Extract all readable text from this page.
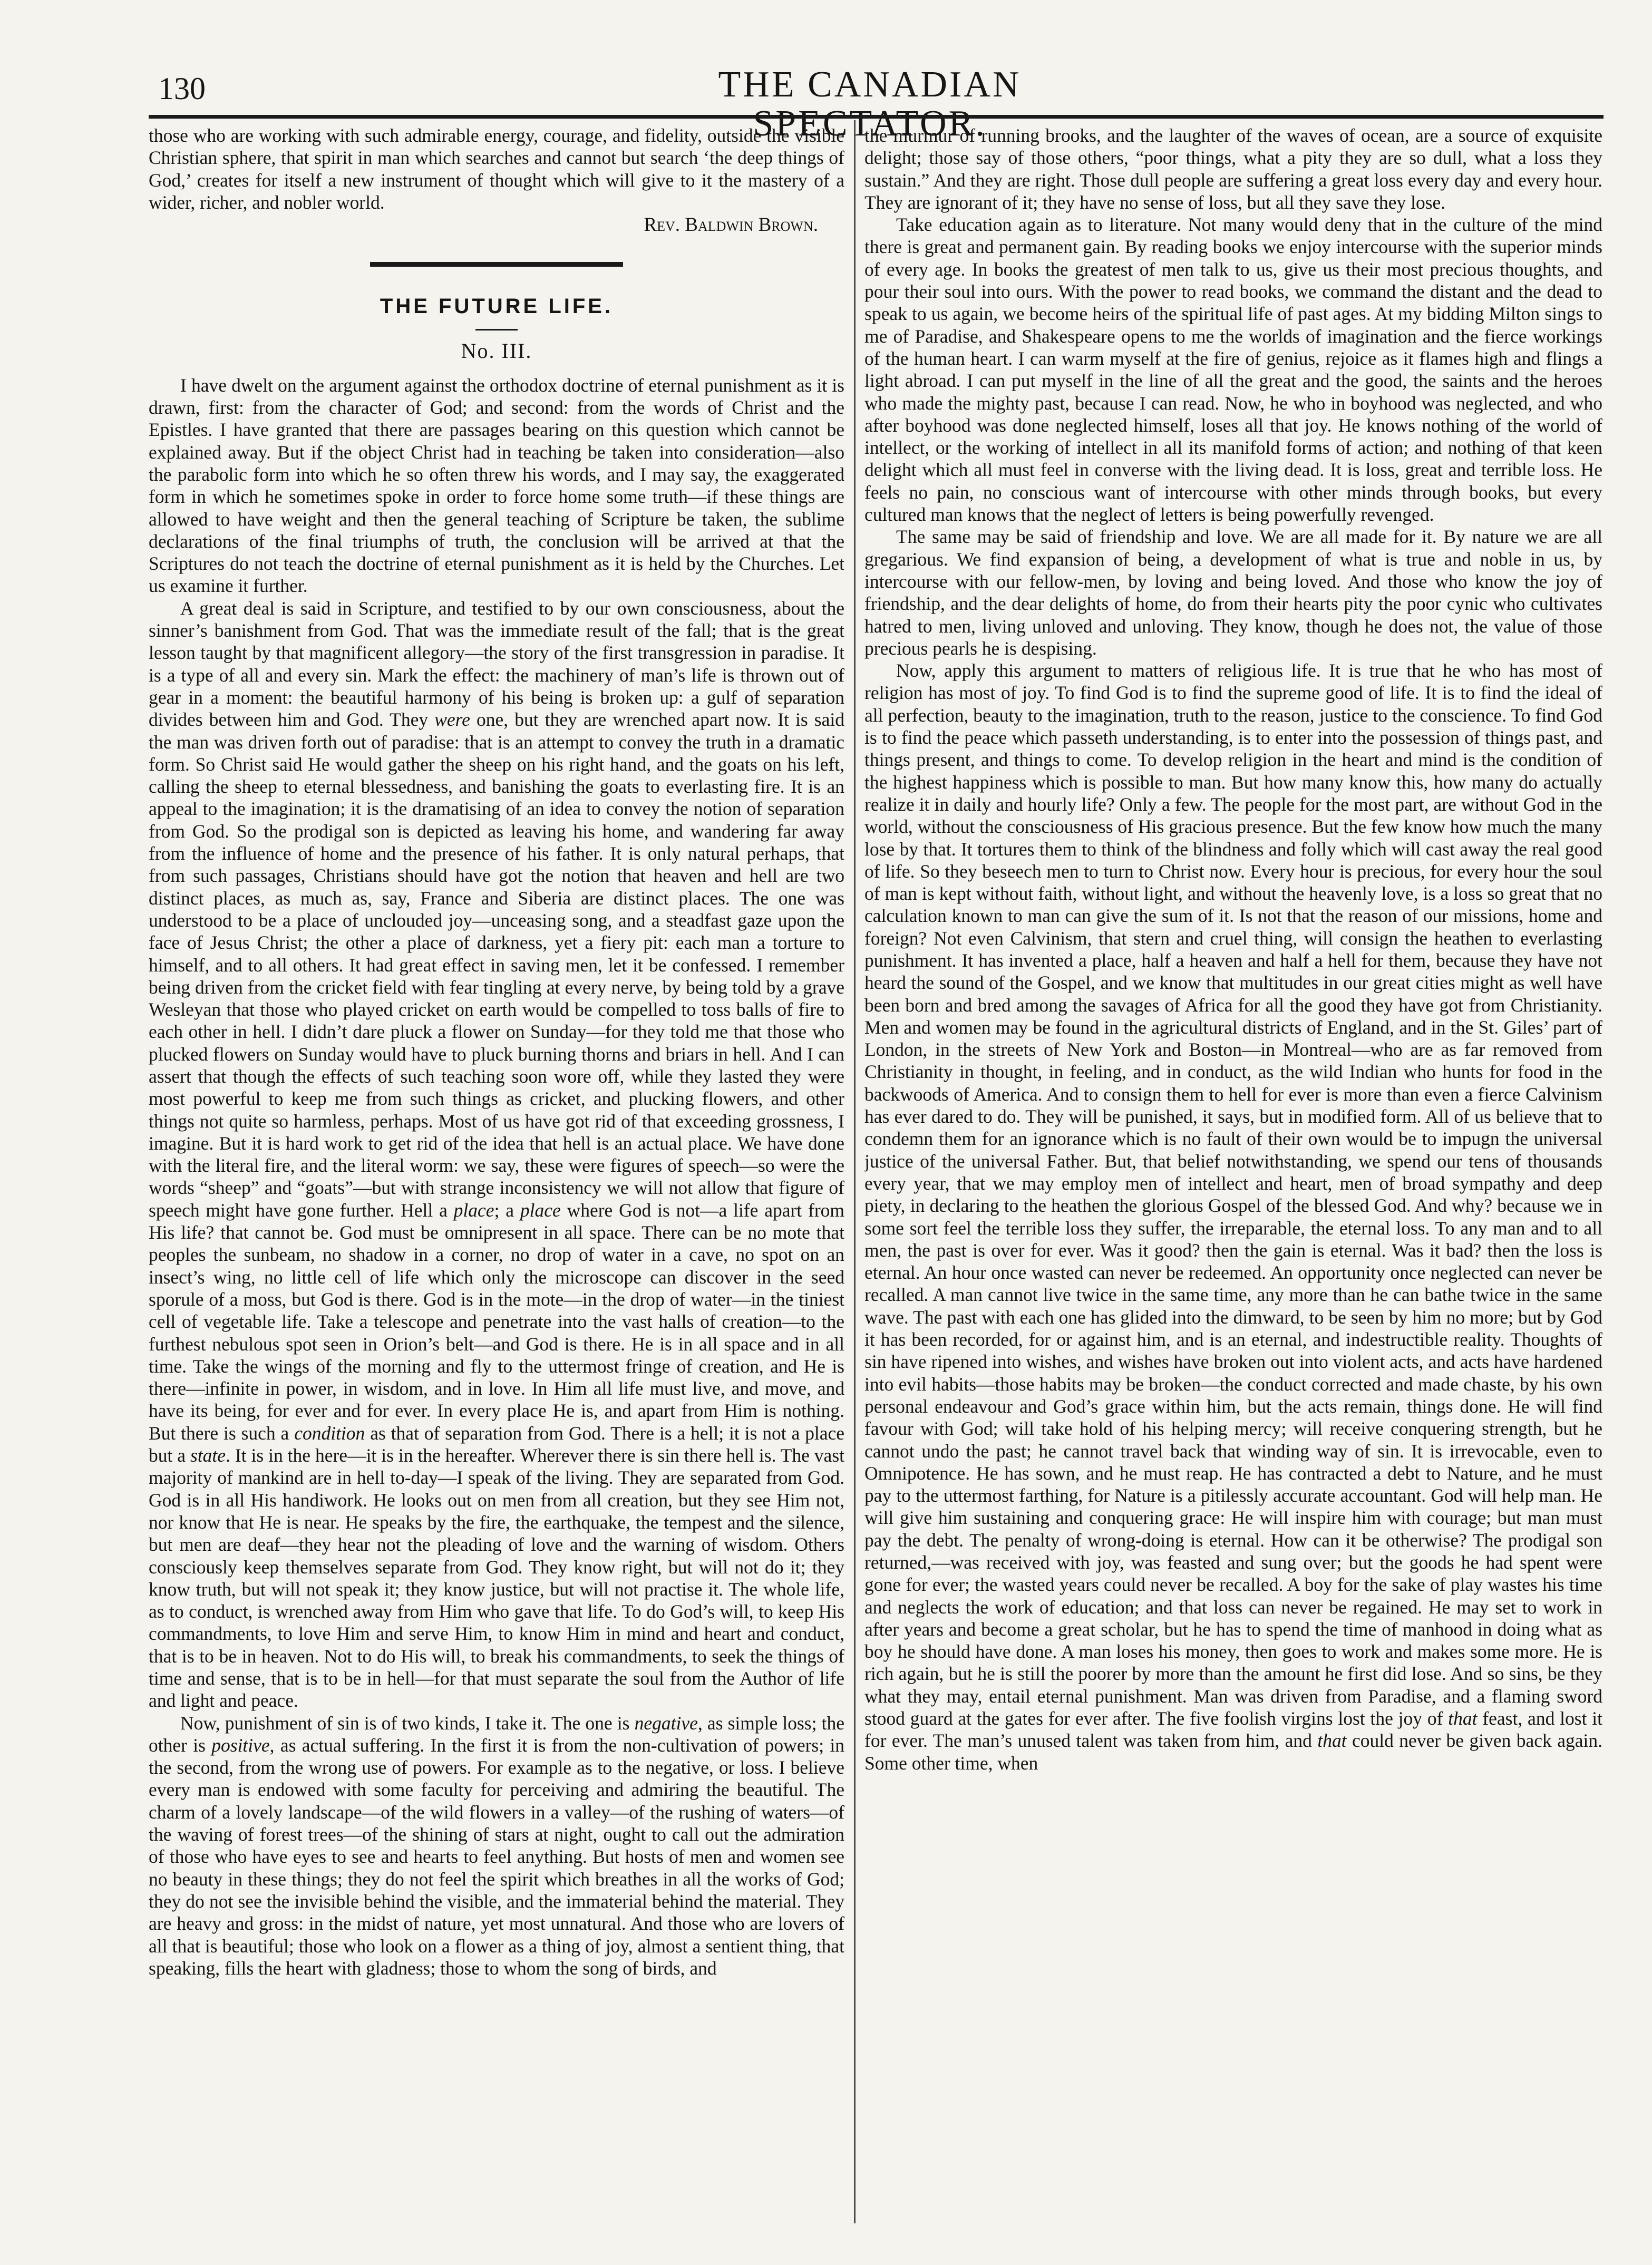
130	THE CANADIAN SPECTATOR.

those who are working with such admirable energy, courage, and fidelity, outside the visible Christian sphere, that spirit in man which searches and cannot but search ‘the deep things of God,’ creates for itself a new instrument of thought which will give to it the mastery of a wider, richer, and nobler world.

Rev. Baldwin Brown.

THE FUTURE LIFE.
No. III.

I have dwelt on the argument against the orthodox doctrine of eternal punishment as it is drawn, first: from the character of God; and second: from the words of Christ and the Epistles. I have granted that there are passages bearing on this question which cannot be explained away. But if the object Christ had in teaching be taken into consideration—also the parabolic form into which he so often threw his words, and I may say, the exaggerated form in which he sometimes spoke in order to force home some truth—if these things are allowed to have weight and then the general teaching of Scripture be taken, the sublime declarations of the final triumphs of truth, the conclusion will be arrived at that the Scriptures do not teach the doctrine of eternal punishment as it is held by the Churches. Let us examine it further.

A great deal is said in Scripture, and testified to by our own consciousness, about the sinner’s banishment from God. That was the immediate result of the fall; that is the great lesson taught by that magnificent allegory—the story of the first transgression in paradise. It is a type of all and every sin. Mark the effect: the machinery of man’s life is thrown out of gear in a moment: the beautiful harmony of his being is broken up: a gulf of separation divides between him and God. They were one, but they are wrenched apart now. It is said the man was driven forth out of paradise: that is an attempt to convey the truth in a dramatic form. So Christ said He would gather the sheep on his right hand, and the goats on his left, calling the sheep to eternal blessedness, and banishing the goats to everlasting fire. It is an appeal to the imagination; it is the dramatising of an idea to convey the notion of separation from God. So the prodigal son is depicted as leaving his home, and wandering far away from the influence of home and the presence of his father. It is only natural perhaps, that from such passages, Christians should have got the notion that heaven and hell are two distinct places, as much as, say, France and Siberia are distinct places. The one was understood to be a place of unclouded joy—unceasing song, and a steadfast gaze upon the face of Jesus Christ; the other a place of darkness, yet a fiery pit: each man a torture to himself, and to all others. It had great effect in saving men, let it be confessed. I remember being driven from the cricket field with fear tingling at every nerve, by being told by a grave Wesleyan that those who played cricket on earth would be compelled to toss balls of fire to each other in hell. I didn’t dare pluck a flower on Sunday—for they told me that those who plucked flowers on Sunday would have to pluck burning thorns and briars in hell. And I can assert that though the effects of such teaching soon wore off, while they lasted they were most powerful to keep me from such things as cricket, and plucking flowers, and other things not quite so harmless, perhaps. Most of us have got rid of that exceeding grossness, I imagine. But it is hard work to get rid of the idea that hell is an actual place. We have done with the literal fire, and the literal worm: we say, these were figures of speech—so were the words “sheep” and “goats”—but with strange inconsistency we will not allow that figure of speech might have gone further. Hell a place; a place where God is not—a life apart from His life? that cannot be. God must be omnipresent in all space. There can be no mote that peoples the sunbeam, no shadow in a corner, no drop of water in a cave, no spot on an insect’s wing, no little cell of life which only the microscope can discover in the seed sporule of a moss, but God is there. God is in the mote—in the drop of water—in the tiniest cell of vegetable life. Take a telescope and penetrate into the vast halls of creation—to the furthest nebulous spot seen in Orion’s belt—and God is there. He is in all space and in all time. Take the wings of the morning and fly to the uttermost fringe of creation, and He is there—infinite in power, in wisdom, and in love. In Him all life must live, and move, and have its being, for ever and for ever. In every place He is, and apart from Him is nothing. But there is such a condition as that of separation from God. There is a hell; it is not a place but a state. It is in the here—it is in the hereafter. Wherever there is sin there hell is. The vast majority of mankind are in hell to-day—I speak of the living. They are separated from God. God is in all His handiwork. He looks out on men from all creation, but they see Him not, nor know that He is near. He speaks by the fire, the earthquake, the tempest and the silence, but men are deaf—they hear not the pleading of love and the warning of wisdom. Others consciously keep themselves separate from God. They know right, but will not do it; they know truth, but will not speak it; they know justice, but will not practise it. The whole life, as to conduct, is wrenched away from Him who gave that life. To do God’s will, to keep His commandments, to love Him and serve Him, to know Him in mind and heart and conduct, that is to be in heaven. Not to do His will, to break his commandments, to seek the things of time and sense, that is to be in hell—for that must separate the soul from the Author of life and light and peace.

Now, punishment of sin is of two kinds, I take it. The one is negative, as simple loss; the other is positive, as actual suffering. In the first it is from the non-cultivation of powers; in the second, from the wrong use of powers. For example as to the negative, or loss. I believe every man is endowed with some faculty for perceiving and admiring the beautiful. The charm of a lovely landscape—of the wild flowers in a valley—of the rushing of waters—of the waving of forest trees—of the shining of stars at night, ought to call out the admiration of those who have eyes to see and hearts to feel anything. But hosts of men and women see no beauty in these things; they do not feel the spirit which breathes in all the works of God; they do not see the invisible behind the visible, and the immaterial behind the material. They are heavy and gross: in the midst of nature, yet most unnatural. And those who are lovers of all that is beautiful; those who look on a flower as a thing of joy, almost a sentient thing, that speaking, fills the heart with gladness; those to whom the song of birds, and

the murmur of running brooks, and the laughter of the waves of ocean, are a source of exquisite delight; those say of those others, “poor things, what a pity they are so dull, what a loss they sustain.” And they are right. Those dull people are suffering a great loss every day and every hour. They are ignorant of it; they have no sense of loss, but all they save they lose.

Take education again as to literature. Not many would deny that in the culture of the mind there is great and permanent gain. By reading books we enjoy intercourse with the superior minds of every age. In books the greatest of men talk to us, give us their most precious thoughts, and pour their soul into ours. With the power to read books, we command the distant and the dead to speak to us again, we become heirs of the spiritual life of past ages. At my bidding Milton sings to me of Paradise, and Shakespeare opens to me the worlds of imagination and the fierce workings of the human heart. I can warm myself at the fire of genius, rejoice as it flames high and flings a light abroad. I can put myself in the line of all the great and the good, the saints and the heroes who made the mighty past, because I can read. Now, he who in boyhood was neglected, and who after boyhood was done neglected himself, loses all that joy. He knows nothing of the world of intellect, or the working of intellect in all its manifold forms of action; and nothing of that keen delight which all must feel in converse with the living dead. It is loss, great and terrible loss. He feels no pain, no conscious want of intercourse with other minds through books, but every cultured man knows that the neglect of letters is being powerfully revenged.

The same may be said of friendship and love. We are all made for it. By nature we are all gregarious. We find expansion of being, a development of what is true and noble in us, by intercourse with our fellow-men, by loving and being loved. And those who know the joy of friendship, and the dear delights of home, do from their hearts pity the poor cynic who cultivates hatred to men, living unloved and unloving. They know, though he does not, the value of those precious pearls he is despising.

Now, apply this argument to matters of religious life. It is true that he who has most of religion has most of joy. To find God is to find the supreme good of life. It is to find the ideal of all perfection, beauty to the imagination, truth to the reason, justice to the conscience. To find God is to find the peace which passeth understanding, is to enter into the possession of things past, and things present, and things to come. To develop religion in the heart and mind is the condition of the highest happiness which is possible to man. But how many know this, how many do actually realize it in daily and hourly life? Only a few. The people for the most part, are without God in the world, without the consciousness of His gracious presence. But the few know how much the many lose by that. It tortures them to think of the blindness and folly which will cast away the real good of life. So they beseech men to turn to Christ now. Every hour is precious, for every hour the soul of man is kept without faith, without light, and without the heavenly love, is a loss so great that no calculation known to man can give the sum of it. Is not that the reason of our missions, home and foreign? Not even Calvinism, that stern and cruel thing, will consign the heathen to everlasting punishment. It has invented a place, half a heaven and half a hell for them, because they have not heard the sound of the Gospel, and we know that multitudes in our great cities might as well have been born and bred among the savages of Africa for all the good they have got from Christianity. Men and women may be found in the agricultural districts of England, and in the St. Giles’ part of London, in the streets of New York and Boston—in Montreal—who are as far removed from Christianity in thought, in feeling, and in conduct, as the wild Indian who hunts for food in the backwoods of America. And to consign them to hell for ever is more than even a fierce Calvinism has ever dared to do. They will be punished, it says, but in modified form. All of us believe that to condemn them for an ignorance which is no fault of their own would be to impugn the universal justice of the universal Father. But, that belief notwithstanding, we spend our tens of thousands every year, that we may employ men of intellect and heart, men of broad sympathy and deep piety, in declaring to the heathen the glorious Gospel of the blessed God. And why? because we in some sort feel the terrible loss they suffer, the irreparable, the eternal loss. To any man and to all men, the past is over for ever. Was it good? then the gain is eternal. Was it bad? then the loss is eternal. An hour once wasted can never be redeemed. An opportunity once neglected can never be recalled. A man cannot live twice in the same time, any more than he can bathe twice in the same wave. The past with each one has glided into the dimward, to be seen by him no more; but by God it has been recorded, for or against him, and is an eternal, and indestructible reality. Thoughts of sin have ripened into wishes, and wishes have broken out into violent acts, and acts have hardened into evil habits—those habits may be broken—the conduct corrected and made chaste, by his own personal endeavour and God’s grace within him, but the acts remain, things done. He will find favour with God; will take hold of his helping mercy; will receive conquering strength, but he cannot undo the past; he cannot travel back that winding way of sin. It is irrevocable, even to Omnipotence. He has sown, and he must reap. He has contracted a debt to Nature, and he must pay to the uttermost farthing, for Nature is a pitilessly accurate accountant. God will help man. He will give him sustaining and conquering grace: He will inspire him with courage; but man must pay the debt. The penalty of wrong-doing is eternal. How can it be otherwise? The prodigal son returned,—was received with joy, was feasted and sung over; but the goods he had spent were gone for ever; the wasted years could never be recalled. A boy for the sake of play wastes his time and neglects the work of education; and that loss can never be regained. He may set to work in after years and become a great scholar, but he has to spend the time of manhood in doing what as boy he should have done. A man loses his money, then goes to work and makes some more. He is rich again, but he is still the poorer by more than the amount he first did lose. And so sins, be they what they may, entail eternal punishment. Man was driven from Paradise, and a flaming sword stood guard at the gates for ever after. The five foolish virgins lost the joy of that feast, and lost it for ever. The man’s unused talent was taken from him, and that could never be given back again. Some other time, when
